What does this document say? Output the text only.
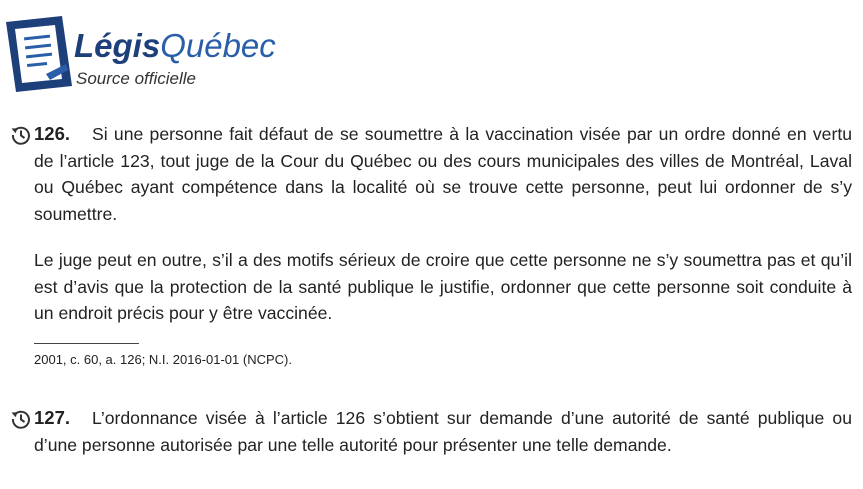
LégisQuébec
Source officielle

126. Si une personne fait défaut de se soumettre à la vaccination visée par un ordre donné en vertu de l’article 123, tout juge de la Cour du Québec ou des cours municipales des villes de Montréal, Laval ou Québec ayant compétence dans la localité où se trouve cette personne, peut lui ordonner de s’y soumettre.

Le juge peut en outre, s’il a des motifs sérieux de croire que cette personne ne s’y soumettra pas et qu’il est d’avis que la protection de la santé publique le justifie, ordonner que cette personne soit conduite à un endroit précis pour y être vaccinée.

2001, c. 60, a. 126; N.I. 2016-01-01 (NCPC).

127. L’ordonnance visée à l’article 126 s’obtient sur demande d’une autorité de santé publique ou d’une personne autorisée par une telle autorité pour présenter une telle demande.
